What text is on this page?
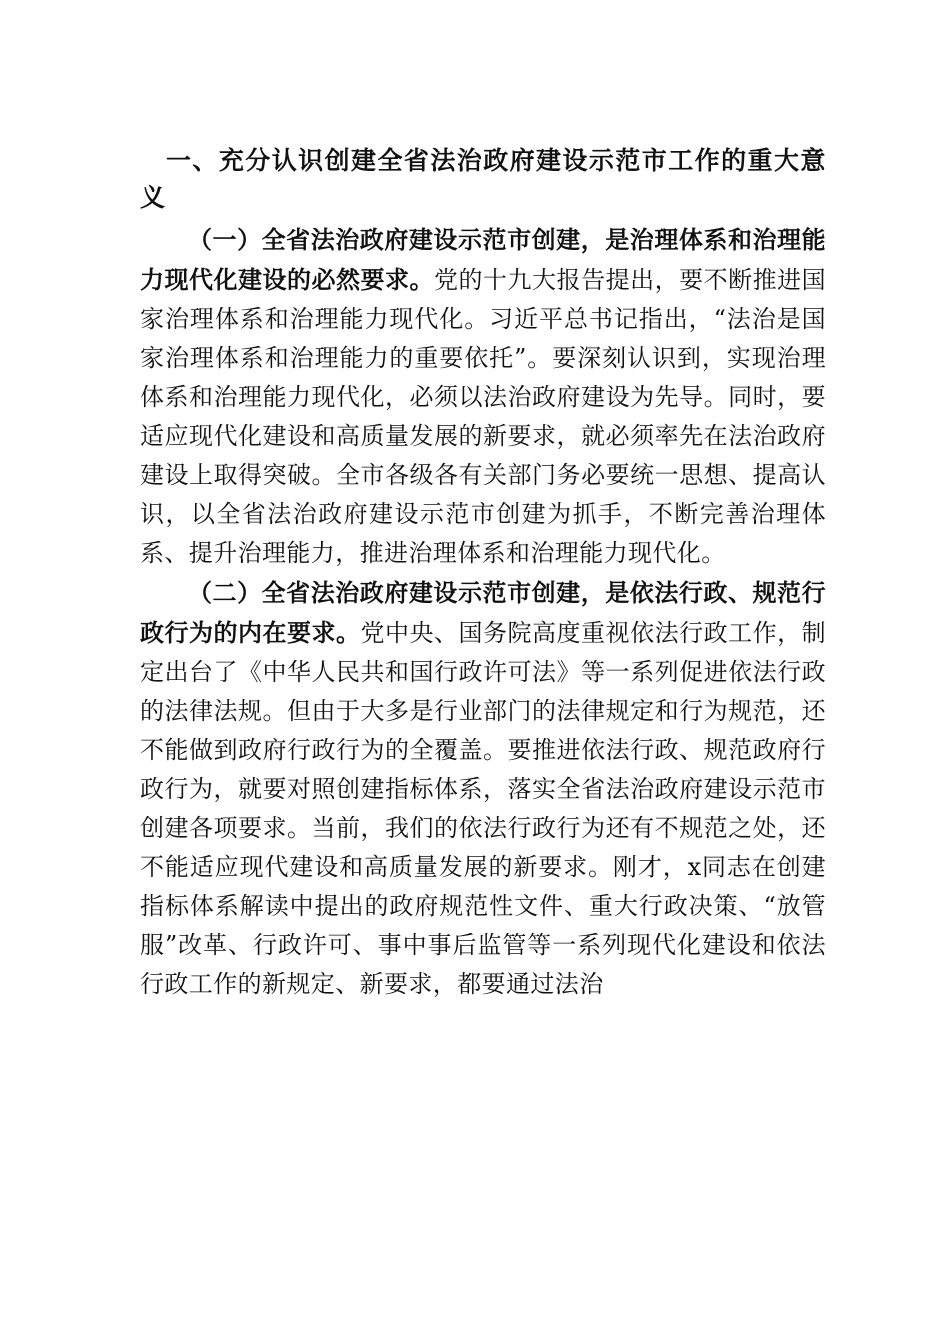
一、充分认识创建全省法治政府建设示范市工作的重大意义

（一）全省法治政府建设示范市创建，是治理体系和治理能力现代化建设的必然要求。党的十九大报告提出，要不断推进国家治理体系和治理能力现代化。习近平总书记指出，“法治是国家治理体系和治理能力的重要依托”。要深刻认识到，实现治理体系和治理能力现代化，必须以法治政府建设为先导。同时，要适应现代化建设和高质量发展的新要求，就必须率先在法治政府建设上取得突破。全市各级各有关部门务必要统一思想、提高认识，以全省法治政府建设示范市创建为抓手，不断完善治理体系、提升治理能力，推进治理体系和治理能力现代化。

（二）全省法治政府建设示范市创建，是依法行政、规范行政行为的内在要求。党中央、国务院高度重视依法行政工作，制定出台了《中华人民共和国行政许可法》等一系列促进依法行政的法律法规。但由于大多是行业部门的法律规定和行为规范，还不能做到政府行政行为的全覆盖。要推进依法行政、规范政府行政行为，就要对照创建指标体系，落实全省法治政府建设示范市创建各项要求。当前，我们的依法行政行为还有不规范之处，还不能适应现代建设和高质量发展的新要求。刚才，x同志在创建指标体系解读中提出的政府规范性文件、重大行政决策、“放管服”改革、行政许可、事中事后监管等一系列现代化建设和依法行政工作的新规定、新要求，都要通过法治
